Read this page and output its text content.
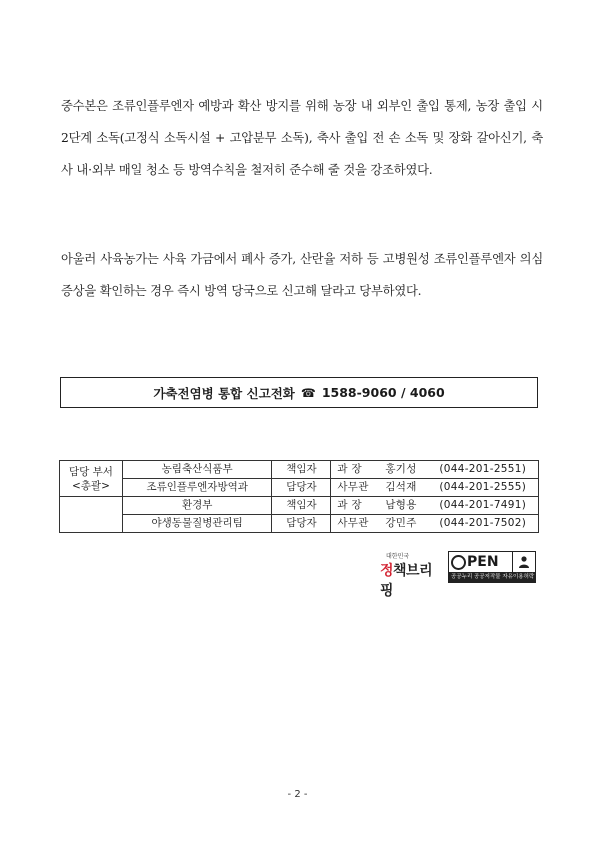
중수본은 조류인플루엔자 예방과 확산 방지를 위해 농장 내 외부인 출입 통제, 농장 출입 시 2단계 소독(고정식 소독시설 + 고압분무 소독), 축사 출입 전 손 소독 및 장화 갈아신기, 축사 내·외부 매일 청소 등 방역수칙을 철저히 준수해 줄 것을 강조하였다.

아울러 사육농가는 사육 가금에서 폐사 증가, 산란율 저하 등 고병원성 조류인플루엔자 의심 증상을 확인하는 경우 즉시 방역 당국으로 신고해 달라고 당부하였다.

가축전염병 통합 신고전화 ☎ 1588-9060 / 4060
담당 부서
<총괄>	농림축산식품부	책임자	과 장 홍기성 (044-201-2551)
	조류인플루엔자방역과	담당자	사무관 김석재 (044-201-2555)
	환경부	책임자	과 장 남형용 (044-201-7491)
	야생동물질병관리팀	담당자	사무관 강민주 (044-201-7502)
대한민국
정책브리핑
PEN
공공누리 공공저작물 자유이용허락
- 2 -
